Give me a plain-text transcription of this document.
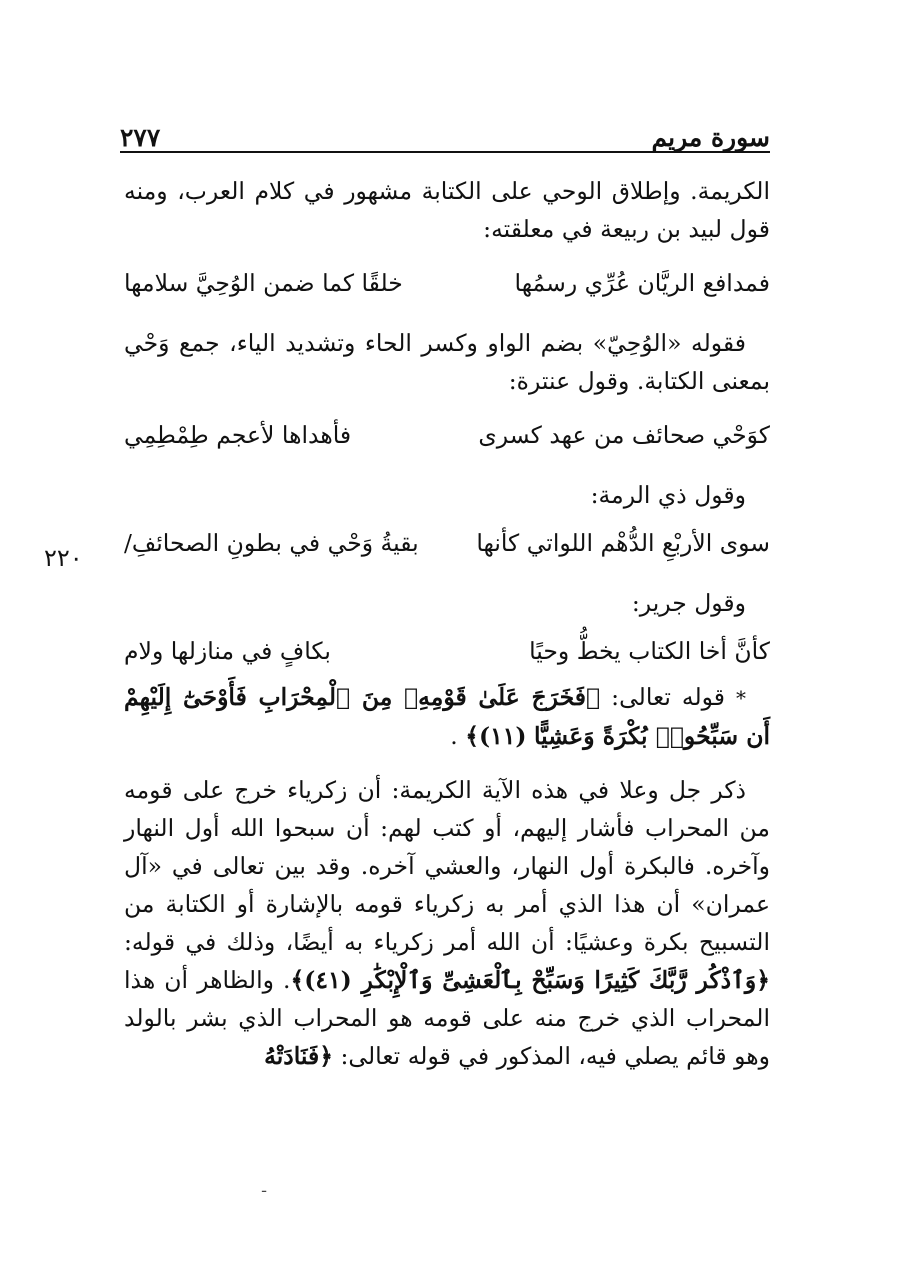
سورة مريم
٢٧٧
٢٢٠

الكريمة. وإطلاق الوحي على الكتابة مشهور في كلام العرب، ومنه قول لبيد بن ربيعة في معلقته:

فمدافع الريَّان عُرِّي رسمُها
خلقًا كما ضمن الوُحِيَّ سلامها

فقوله «الوُحِيّ» بضم الواو وكسر الحاء وتشديد الياء، جمع وَحْي بمعنى الكتابة. وقول عنترة:

كوَحْي صحائف من عهد كسرى
فأهداها لأعجم طِمْطِمِي

وقول ذي الرمة:

سوى الأربْعِ الدُّهْم اللواتي كأنها
بقيةُ وَحْي في بطونِ الصحائفِ/

وقول جرير:

كأنَّ أخا الكتاب يخطُّ وحيًا
بكافٍ في منازلها ولام

* قوله تعالى: ﴿فَخَرَجَ عَلَىٰ قَوْمِهِۦ مِنَ ٱلْمِحْرَابِ فَأَوْحَىٰٓ إِلَيْهِمْ أَن سَبِّحُوا۟ بُكْرَةً وَعَشِيًّا (١١)﴾ .

ذكر جل وعلا في هذه الآية الكريمة: أن زكرياء خرج على قومه من المحراب فأشار إليهم، أو كتب لهم: أن سبحوا الله أول النهار وآخره. فالبكرة أول النهار، والعشي آخره. وقد بين تعالى في «آل عمران» أن هذا الذي أمر به زكرياء قومه بالإشارة أو الكتابة من التسبيح بكرة وعشيًا: أن الله أمر زكرياء به أيضًا، وذلك في قوله: ﴿وَٱذْكُر رَّبَّكَ كَثِيرًا وَسَبِّحْ بِٱلْعَشِىِّ وَٱلْإِبْكَٰرِ (٤١)﴾. والظاهر أن هذا المحراب الذي خرج منه على قومه هو المحراب الذي بشر بالولد وهو قائم يصلي فيه، المذكور في قوله تعالى: ﴿فَنَادَتْهُ

ـ
